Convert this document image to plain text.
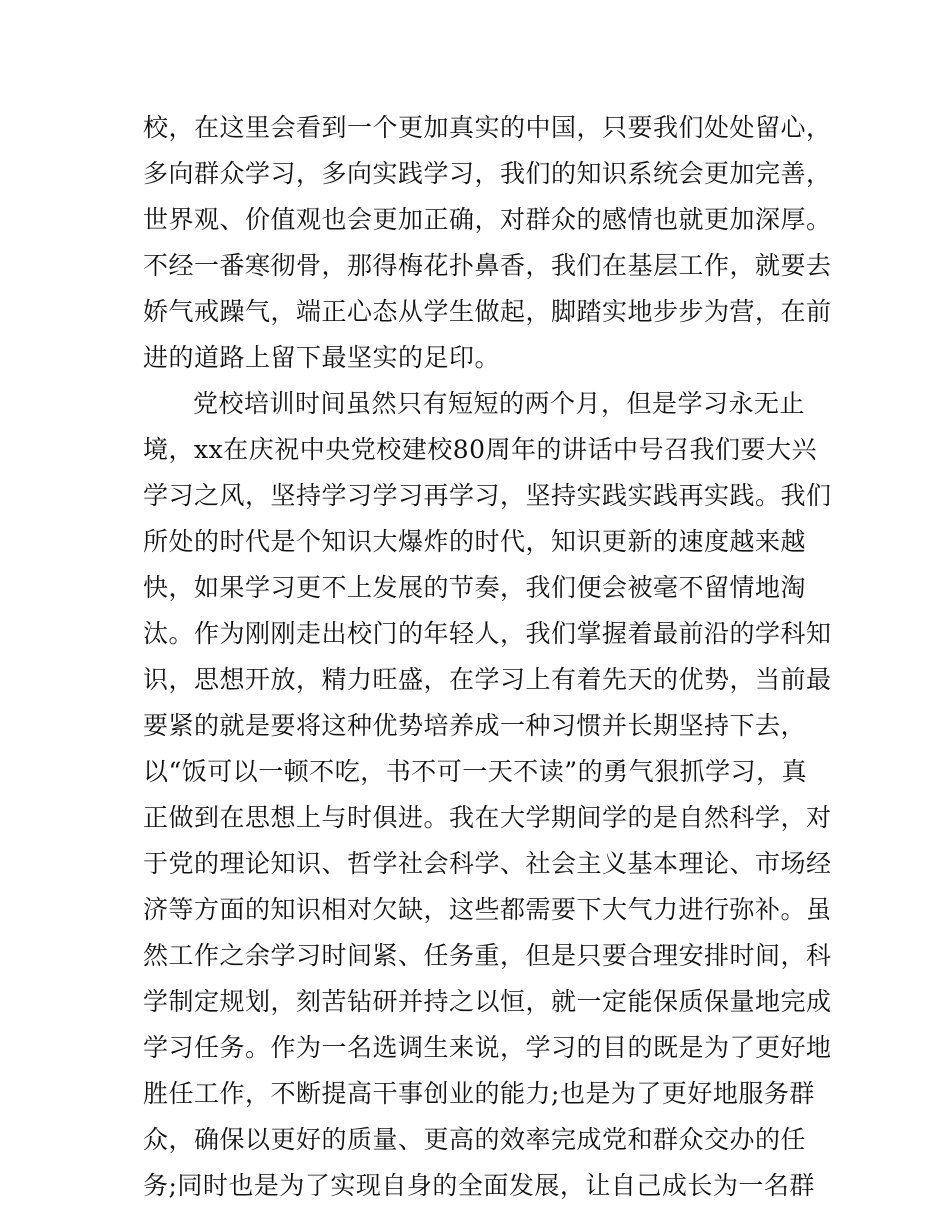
校，在这里会看到一个更加真实的中国，只要我们处处留心，
多向群众学习，多向实践学习，我们的知识系统会更加完善，
世界观、价值观也会更加正确，对群众的感情也就更加深厚。
不经一番寒彻骨，那得梅花扑鼻香，我们在基层工作，就要去
娇气戒躁气，端正心态从学生做起，脚踏实地步步为营，在前
进的道路上留下最坚实的足印。
党校培训时间虽然只有短短的两个月，但是学习永无止
境，xx在庆祝中央党校建校80周年的讲话中号召我们要大兴
学习之风，坚持学习学习再学习，坚持实践实践再实践。我们
所处的时代是个知识大爆炸的时代，知识更新的速度越来越
快，如果学习更不上发展的节奏，我们便会被毫不留情地淘
汰。作为刚刚走出校门的年轻人，我们掌握着最前沿的学科知
识，思想开放，精力旺盛，在学习上有着先天的优势，当前最
要紧的就是要将这种优势培养成一种习惯并长期坚持下去，
以“饭可以一顿不吃，书不可一天不读”的勇气狠抓学习，真
正做到在思想上与时俱进。我在大学期间学的是自然科学，对
于党的理论知识、哲学社会科学、社会主义基本理论、市场经
济等方面的知识相对欠缺，这些都需要下大气力进行弥补。虽
然工作之余学习时间紧、任务重，但是只要合理安排时间，科
学制定规划，刻苦钻研并持之以恒，就一定能保质保量地完成
学习任务。作为一名选调生来说，学习的目的既是为了更好地
胜任工作，不断提高干事创业的能力;也是为了更好地服务群
众，确保以更好的质量、更高的效率完成党和群众交办的任
务;同时也是为了实现自身的全面发展，让自己成长为一名群
